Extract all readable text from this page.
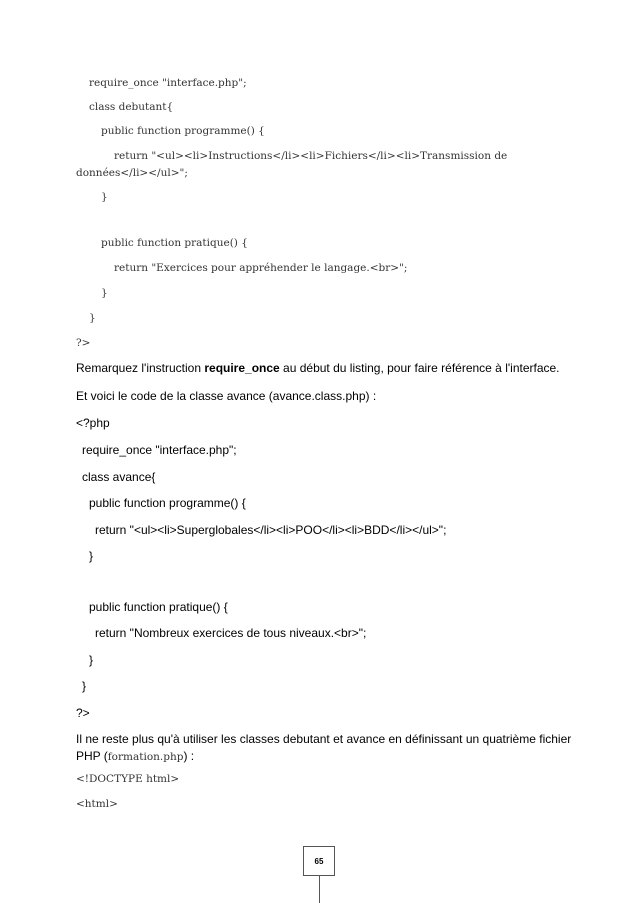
require_once "interface.php";
class debutant{
public function programme() {
return "<ul><li>Instructions</li><li>Fichiers</li><li>Transmission de
données</li></ul>";
}
public function pratique() {
return "Exercices pour appréhender le langage.<br>";
}
}
?>
Remarquez l'instruction require_once au début du listing, pour faire référence à l'interface.
Et voici le code de la classe avance (avance.class.php) :
<?php
require_once "interface.php";
class avance{
public function programme() {
return "<ul><li>Superglobales</li><li>POO</li><li>BDD</li></ul>";
}
public function pratique() {
return "Nombreux exercices de tous niveaux.<br>";
}
}
?>
Il ne reste plus qu'à utiliser les classes debutant et avance en définissant un quatrième fichier
PHP (formation.php) :
<!DOCTYPE html>
<html>
65
